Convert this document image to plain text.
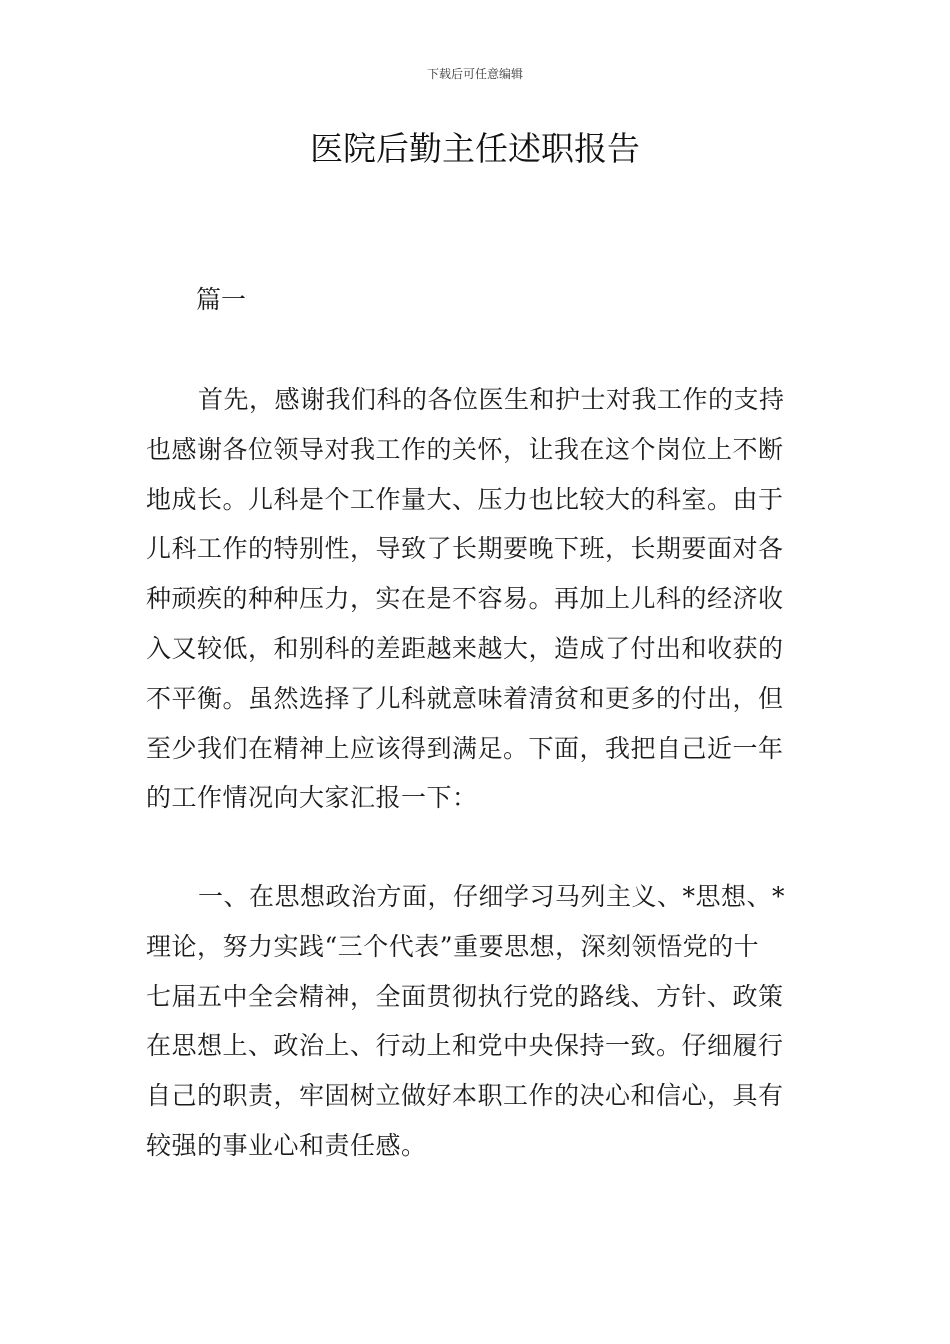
下载后可任意编辑
医院后勤主任述职报告

篇一

首先，感谢我们科的各位医生和护士对我工作的支持
也感谢各位领导对我工作的关怀，让我在这个岗位上不断
地成长。儿科是个工作量大、压力也比较大的科室。由于
儿科工作的特别性，导致了长期要晚下班，长期要面对各
种顽疾的种种压力，实在是不容易。再加上儿科的经济收
入又较低，和别科的差距越来越大，造成了付出和收获的
不平衡。虽然选择了儿科就意味着清贫和更多的付出，但
至少我们在精神上应该得到满足。下面，我把自己近一年
的工作情况向大家汇报一下：
一、在思想政治方面，仔细学习马列主义、*思想、*
理论，努力实践“三个代表”重要思想，深刻领悟党的十
七届五中全会精神，全面贯彻执行党的路线、方针、政策
在思想上、政治上、行动上和党中央保持一致。仔细履行
自己的职责，牢固树立做好本职工作的决心和信心，具有
较强的事业心和责任感。
